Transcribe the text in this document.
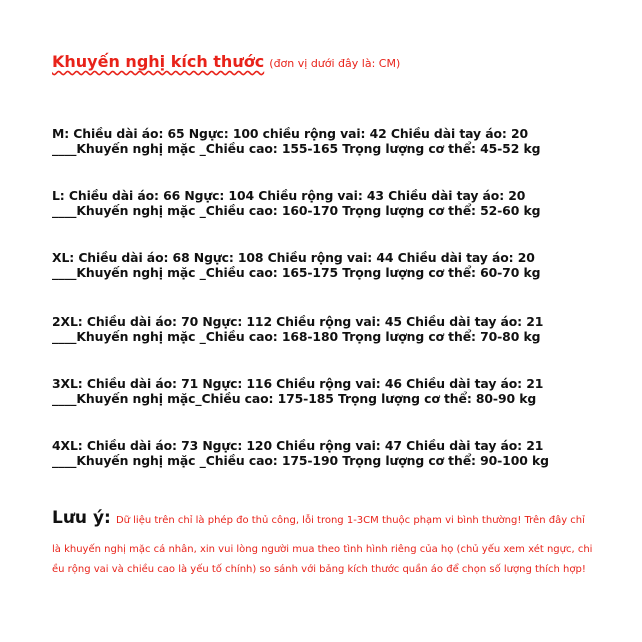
Khuyến nghị kích thước (đơn vị dưới đây là: CM)
M: Chiều dài áo: 65 Ngực: 100 chiều rộng vai: 42 Chiều dài tay áo: 20
____Khuyến nghị mặc _Chiều cao: 155-165 Trọng lượng cơ thể: 45-52 kg
L: Chiều dài áo: 66 Ngực: 104 Chiều rộng vai: 43 Chiều dài tay áo: 20
____Khuyến nghị mặc _Chiều cao: 160-170 Trọng lượng cơ thể: 52-60 kg
XL: Chiều dài áo: 68 Ngực: 108 Chiều rộng vai: 44 Chiều dài tay áo: 20
____Khuyến nghị mặc _Chiều cao: 165-175 Trọng lượng cơ thể: 60-70 kg
2XL: Chiều dài áo: 70 Ngực: 112 Chiều rộng vai: 45 Chiều dài tay áo: 21
____Khuyến nghị mặc _Chiều cao: 168-180 Trọng lượng cơ thể: 70-80 kg
3XL: Chiều dài áo: 71 Ngực: 116 Chiều rộng vai: 46 Chiều dài tay áo: 21
____Khuyến nghị mặc_Chiều cao: 175-185 Trọng lượng cơ thể: 80-90 kg
4XL: Chiều dài áo: 73 Ngực: 120 Chiều rộng vai: 47 Chiều dài tay áo: 21
____Khuyến nghị mặc _Chiều cao: 175-190 Trọng lượng cơ thể: 90-100 kg
Lưu ý: Dữ liệu trên chỉ là phép đo thủ công, lỗi trong 1-3CM thuộc phạm vi bình thường! Trên đây chỉ
là khuyến nghị mặc cá nhân, xin vui lòng người mua theo tình hình riêng của họ (chủ yếu xem xét ngực, chi
ều rộng vai và chiều cao là yếu tố chính) so sánh với bảng kích thước quần áo để chọn số lượng thích hợp!
